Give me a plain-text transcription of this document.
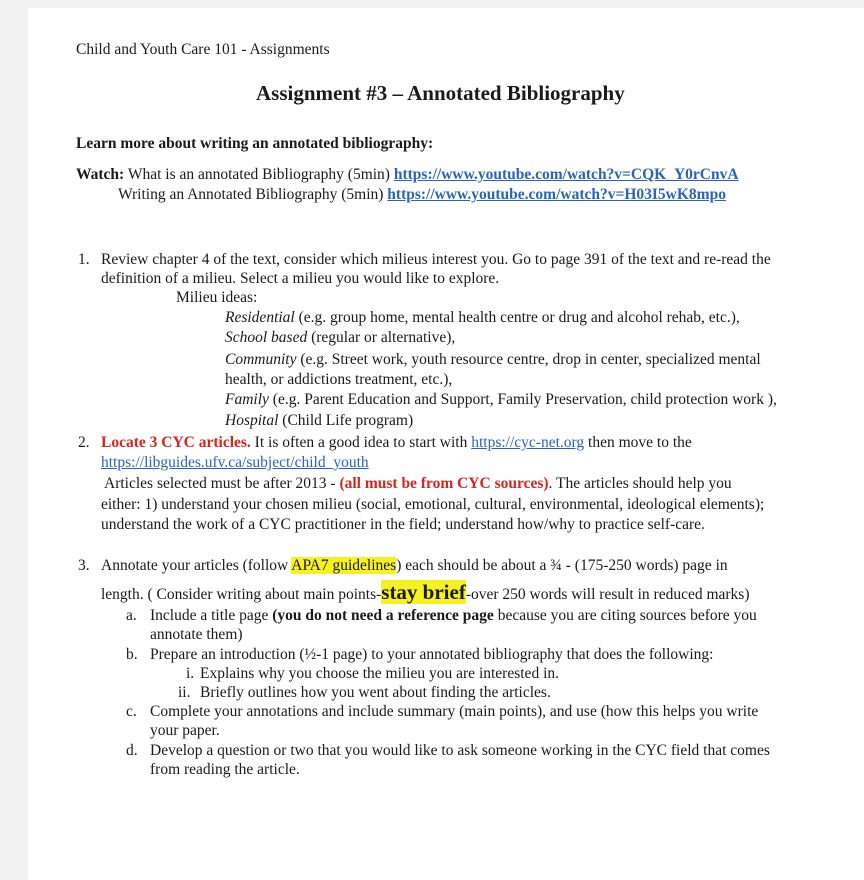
Child and Youth Care 101 - Assignments
Assignment #3 – Annotated Bibliography
Learn more about writing an annotated bibliography:
Watch: What is an annotated Bibliography (5min) https://www.youtube.com/watch?v=CQK_Y0rCnvA
Writing an Annotated Bibliography (5min) https://www.youtube.com/watch?v=H03I5wK8mpo
1. Review chapter 4 of the text, consider which milieus interest you. Go to page 391 of the text and re-read the
definition of a milieu. Select a milieu you would like to explore.
Milieu ideas:
Residential (e.g. group home, mental health centre or drug and alcohol rehab, etc.),
School based (regular or alternative),
Community (e.g. Street work, youth resource centre, drop in center, specialized mental
health, or addictions treatment, etc.),
Family (e.g. Parent Education and Support, Family Preservation, child protection work ),
Hospital (Child Life program)
2. Locate 3 CYC articles. It is often a good idea to start with https://cyc-net.org then move to the
https://libguides.ufv.ca/subject/child_youth
Articles selected must be after 2013 - (all must be from CYC sources). The articles should help you
either: 1) understand your chosen milieu (social, emotional, cultural, environmental, ideological elements);
understand the work of a CYC practitioner in the field; understand how/why to practice self-care.
3. Annotate your articles (follow APA7 guidelines) each should be about a ¾ - (175-250 words) page in
length. ( Consider writing about main points-stay brief-over 250 words will result in reduced marks)
a. Include a title page (you do not need a reference page because you are citing sources before you
annotate them)
b. Prepare an introduction (½-1 page) to your annotated bibliography that does the following:
i. Explains why you choose the milieu you are interested in.
ii. Briefly outlines how you went about finding the articles.
c. Complete your annotations and include summary (main points), and use (how this helps you write
your paper.
d. Develop a question or two that you would like to ask someone working in the CYC field that comes
from reading the article.
